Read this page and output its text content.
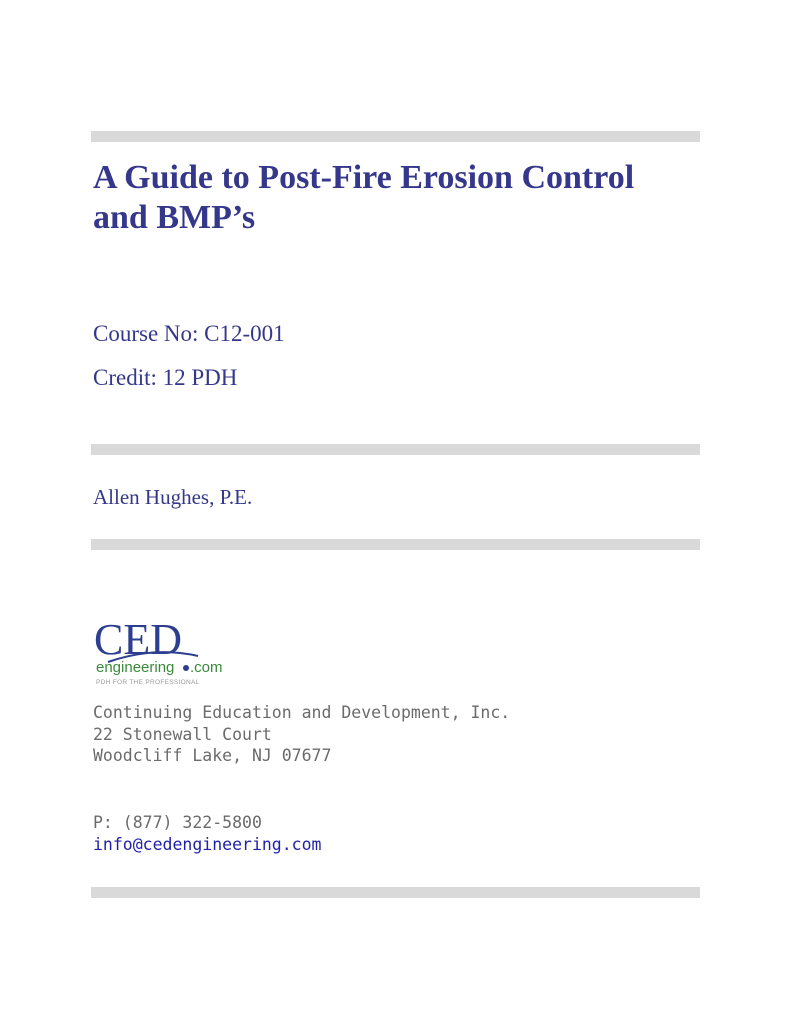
A Guide to Post-Fire Erosion Control
and BMP’s

Course No: C12-001

Credit: 12 PDH

Allen Hughes, P.E.

CED
engineering .com
PDH FOR THE PROFESSIONAL

Continuing Education and Development, Inc.
22 Stonewall Court
Woodcliff Lake, NJ 07677

P: (877) 322-5800
info@cedengineering.com
